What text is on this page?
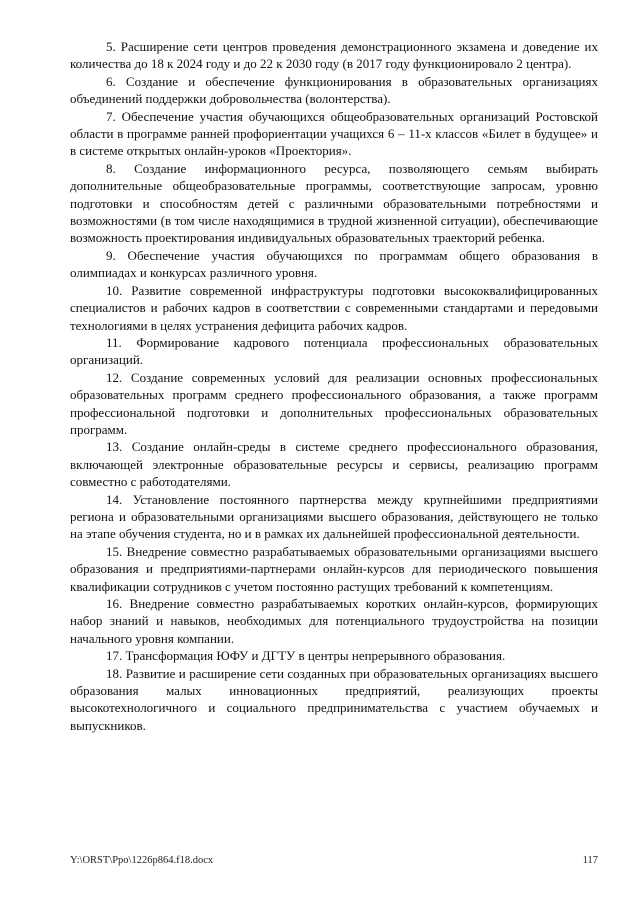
5. Расширение сети центров проведения демонстрационного экзамена и доведение их количества до 18 к 2024 году и до 22 к 2030 году (в 2017 году функционировало 2 центра).

6. Создание и обеспечение функционирования в образовательных организациях объединений поддержки добровольчества (волонтерства).

7. Обеспечение участия обучающихся общеобразовательных организаций Ростовской области в программе ранней профориентации учащихся 6 – 11-х классов «Билет в будущее» и в системе открытых онлайн-уроков «Проектория».

8. Создание информационного ресурса, позволяющего семьям выбирать дополнительные общеобразовательные программы, соответствующие запросам, уровню подготовки и способностям детей с различными образовательными потребностями и возможностями (в том числе находящимися в трудной жизненной ситуации), обеспечивающие возможность проектирования индивидуальных образовательных траекторий ребенка.

9. Обеспечение участия обучающихся по программам общего образования в олимпиадах и конкурсах различного уровня.

10. Развитие современной инфраструктуры подготовки высококвалифицированных специалистов и рабочих кадров в соответствии с современными стандартами и передовыми технологиями в целях устранения дефицита рабочих кадров.

11. Формирование кадрового потенциала профессиональных образовательных организаций.

12. Создание современных условий для реализации основных профессиональных образовательных программ среднего профессионального образования, а также программ профессиональной подготовки и дополнительных профессиональных образовательных программ.

13. Создание онлайн-среды в системе среднего профессионального образования, включающей электронные образовательные ресурсы и сервисы, реализацию программ совместно с работодателями.

14. Установление постоянного партнерства между крупнейшими предприятиями региона и образовательными организациями высшего образования, действующего не только на этапе обучения студента, но и в рамках их дальнейшей профессиональной деятельности.

15. Внедрение совместно разрабатываемых образовательными организациями высшего образования и предприятиями-партнерами онлайн-курсов для периодического повышения квалификации сотрудников с учетом постоянно растущих требований к компетенциям.

16. Внедрение совместно разрабатываемых коротких онлайн-курсов, формирующих набор знаний и навыков, необходимых для потенциального трудоустройства на позиции начального уровня компании.

17. Трансформация ЮФУ и ДГТУ в центры непрерывного образования.

18. Развитие и расширение сети созданных при образовательных организациях высшего образования малых инновационных предприятий, реализующих проекты высокотехнологичного и социального предпринимательства с участием обучаемых и выпускников.

Y:\ORST\Ppo\1226p864.f18.docx	117
